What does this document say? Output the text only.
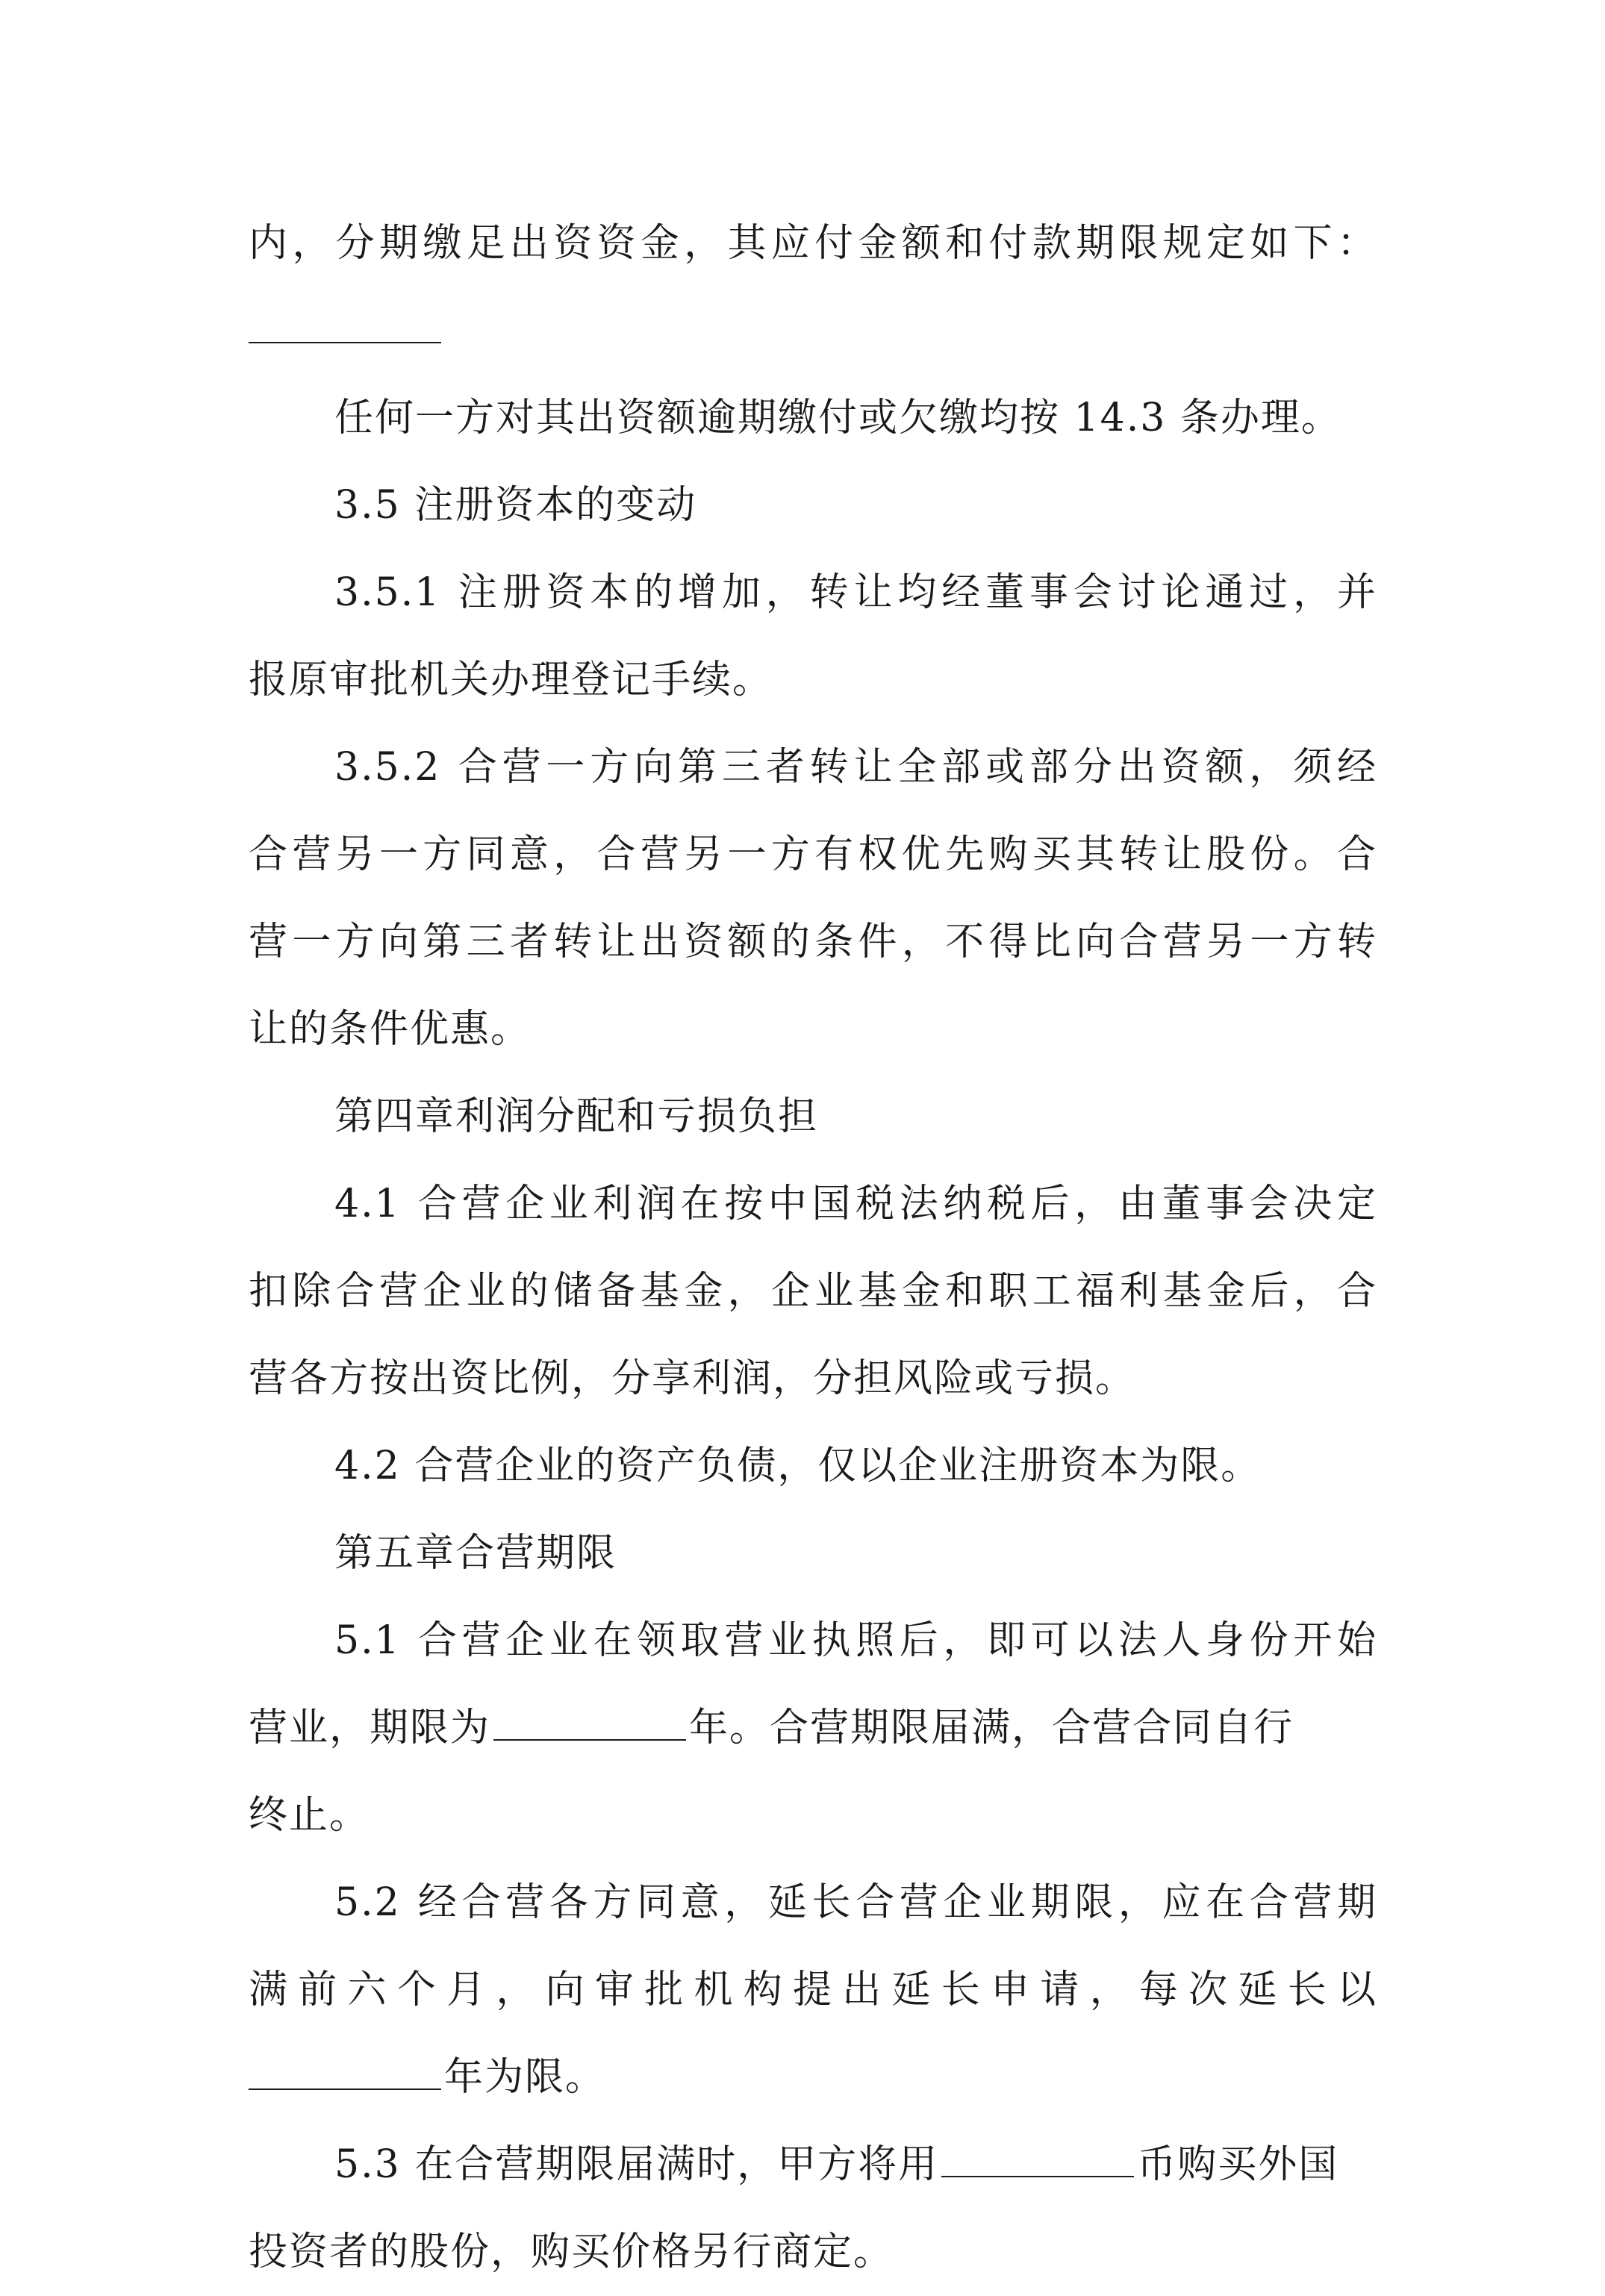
内，分期缴足出资资金，其应付金额和付款期限规定如下：
任何一方对其出资额逾期缴付或欠缴均按 14.3 条办理。
3.5 注册资本的变动
3.5.1 注册资本的增加，转让均经董事会讨论通过，并
报原审批机关办理登记手续。
3.5.2 合营一方向第三者转让全部或部分出资额，须经
合营另一方同意，合营另一方有权优先购买其转让股份。合
营一方向第三者转让出资额的条件，不得比向合营另一方转
让的条件优惠。
第四章利润分配和亏损负担
4.1 合营企业利润在按中国税法纳税后，由董事会决定
扣除合营企业的储备基金，企业基金和职工福利基金后，合
营各方按出资比例，分享利润，分担风险或亏损。
4.2 合营企业的资产负债，仅以企业注册资本为限。
第五章合营期限
5.1 合营企业在领取营业执照后，即可以法人身份开始
营业，期限为	年。合营期限届满，合营合同自行
终止。
5.2 经合营各方同意，延长合营企业期限，应在合营期
满前六个月，向审批机构提出延长申请，每次延长以
年为限。
5.3 在合营期限届满时，甲方将用	币购买外国
投资者的股份，购买价格另行商定。
